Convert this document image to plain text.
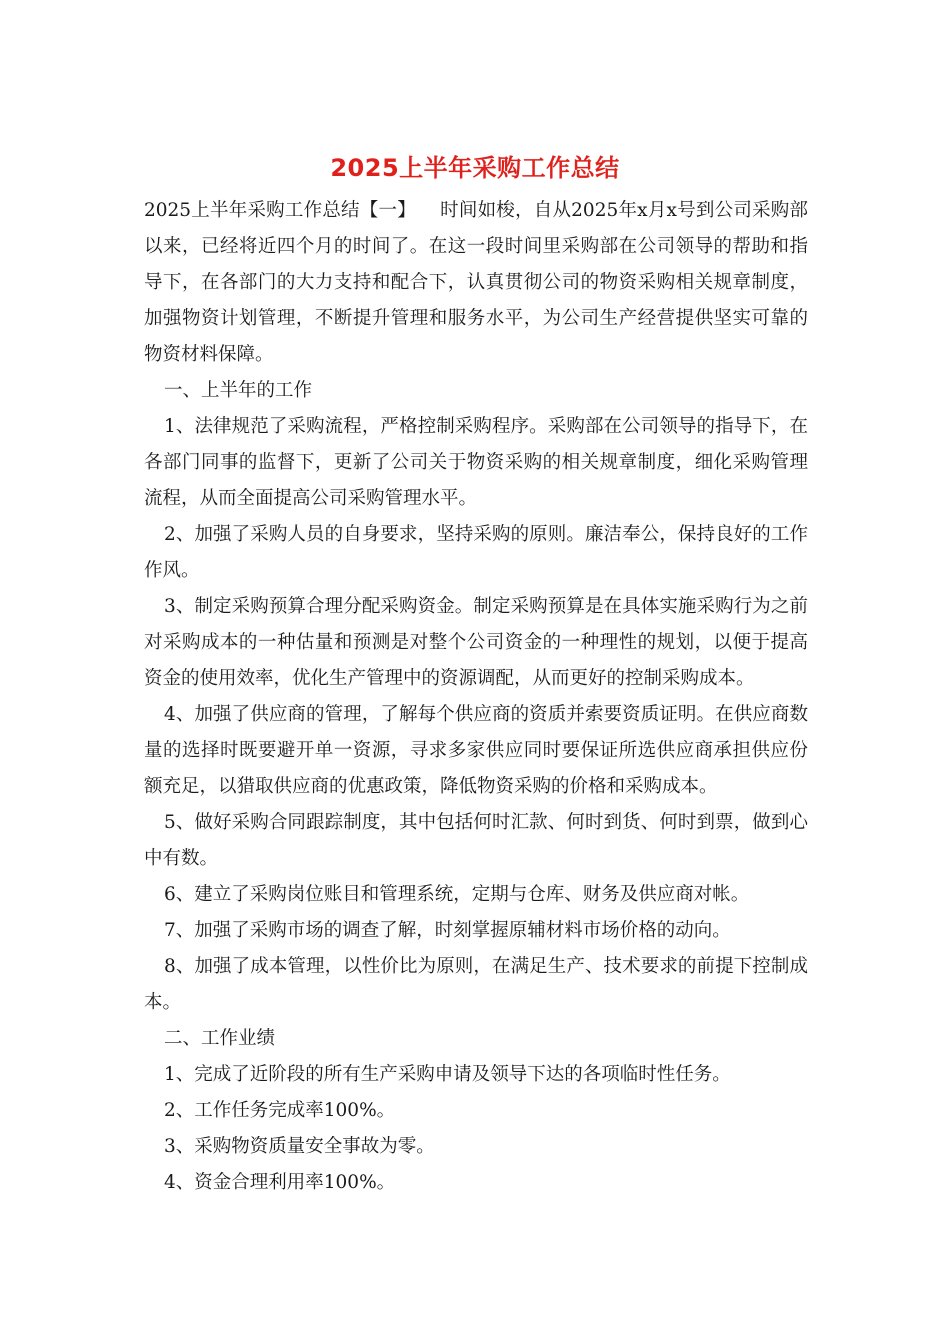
2025上半年采购工作总结

2025上半年采购工作总结【一】 时间如梭，自从2025年x月x号到公司采购部以来，已经将近四个月的时间了。在这一段时间里采购部在公司领导的帮助和指导下，在各部门的大力支持和配合下，认真贯彻公司的物资采购相关规章制度，加强物资计划管理，不断提升管理和服务水平，为公司生产经营提供坚实可靠的物资材料保障。

一、上半年的工作

1、法律规范了采购流程，严格控制采购程序。采购部在公司领导的指导下，在各部门同事的监督下，更新了公司关于物资采购的相关规章制度，细化采购管理流程，从而全面提高公司采购管理水平。

2、加强了采购人员的自身要求，坚持采购的原则。廉洁奉公，保持良好的工作作风。

3、制定采购预算合理分配采购资金。制定采购预算是在具体实施采购行为之前对采购成本的一种估量和预测是对整个公司资金的一种理性的规划，以便于提高资金的使用效率，优化生产管理中的资源调配，从而更好的控制采购成本。

4、加强了供应商的管理，了解每个供应商的资质并索要资质证明。在供应商数量的选择时既要避开单一资源，寻求多家供应同时要保证所选供应商承担供应份额充足，以猎取供应商的优惠政策，降低物资采购的价格和采购成本。

5、做好采购合同跟踪制度，其中包括何时汇款、何时到货、何时到票，做到心中有数。

6、建立了采购岗位账目和管理系统，定期与仓库、财务及供应商对帐。

7、加强了采购市场的调查了解，时刻掌握原辅材料市场价格的动向。

8、加强了成本管理，以性价比为原则，在满足生产、技术要求的前提下控制成本。

二、工作业绩

1、完成了近阶段的所有生产采购申请及领导下达的各项临时性任务。

2、工作任务完成率100%。

3、采购物资质量安全事故为零。

4、资金合理利用率100%。
